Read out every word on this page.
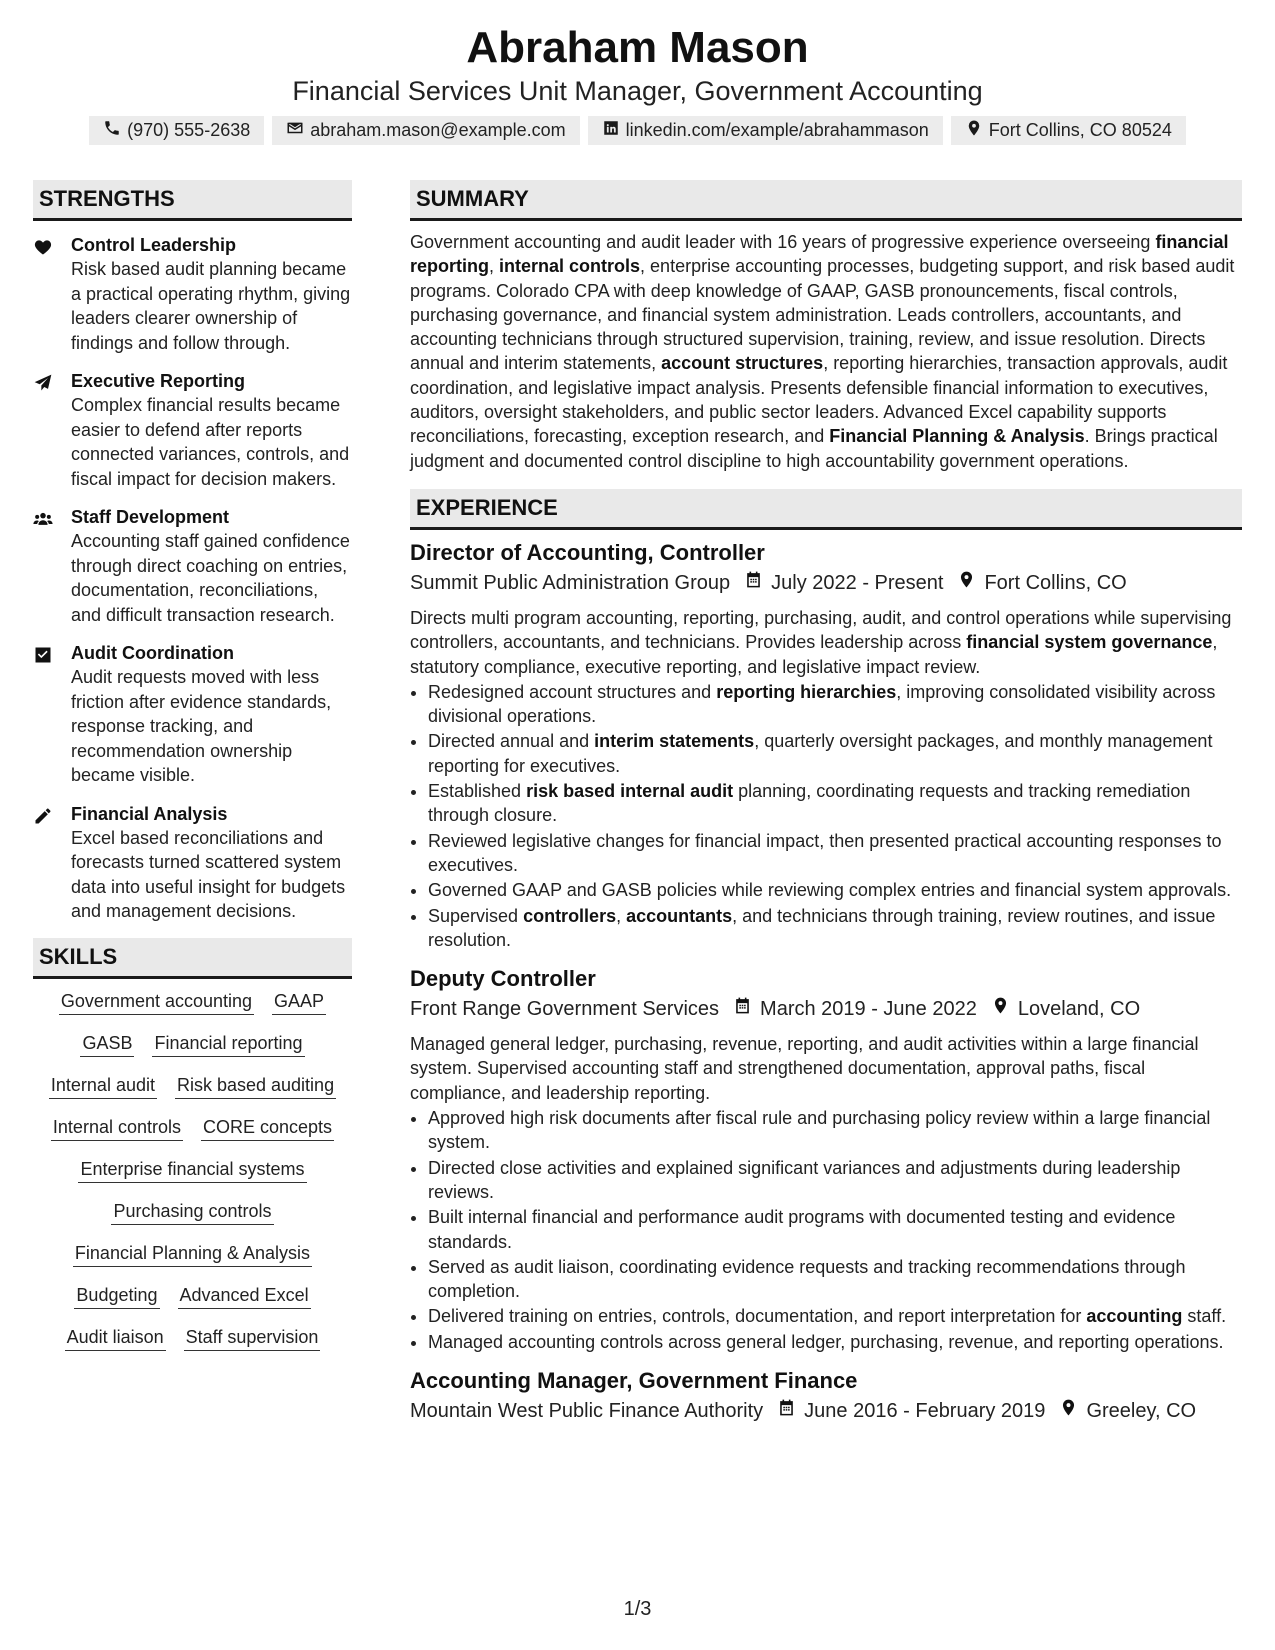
Abraham Mason
Financial Services Unit Manager, Government Accounting
(970) 555-2638	abraham.mason@example.com	linkedin.com/example/abrahammason	Fort Collins, CO 80524
STRENGTHS
Control Leadership
Risk based audit planning became a practical operating rhythm, giving leaders clearer ownership of findings and follow through.
Executive Reporting
Complex financial results became easier to defend after reports connected variances, controls, and fiscal impact for decision makers.
Staff Development
Accounting staff gained confidence through direct coaching on entries, documentation, reconciliations, and difficult transaction research.
Audit Coordination
Audit requests moved with less friction after evidence standards, response tracking, and recommendation ownership became visible.
Financial Analysis
Excel based reconciliations and forecasts turned scattered system data into useful insight for budgets and management decisions.
SKILLS
Government accounting GAAP
GASB Financial reporting
Internal audit Risk based auditing
Internal controls CORE concepts
Enterprise financial systems
Purchasing controls
Financial Planning & Analysis
Budgeting Advanced Excel
Audit liaison Staff supervision
SUMMARY
Government accounting and audit leader with 16 years of progressive experience overseeing financial reporting, internal controls, enterprise accounting processes, budgeting support, and risk based audit programs. Colorado CPA with deep knowledge of GAAP, GASB pronouncements, fiscal controls, purchasing governance, and financial system administration. Leads controllers, accountants, and accounting technicians through structured supervision, training, review, and issue resolution. Directs annual and interim statements, account structures, reporting hierarchies, transaction approvals, audit coordination, and legislative impact analysis. Presents defensible financial information to executives, auditors, oversight stakeholders, and public sector leaders. Advanced Excel capability supports reconciliations, forecasting, exception research, and Financial Planning & Analysis. Brings practical judgment and documented control discipline to high accountability government operations.
EXPERIENCE
Director of Accounting, Controller
Summit Public Administration Group July 2022 - Present Fort Collins, CO

Directs multi program accounting, reporting, purchasing, audit, and control operations while supervising controllers, accountants, and technicians. Provides leadership across financial system governance, statutory compliance, executive reporting, and legislative impact review.

• Redesigned account structures and reporting hierarchies, improving consolidated visibility across divisional operations.
• Directed annual and interim statements, quarterly oversight packages, and monthly management reporting for executives.
• Established risk based internal audit planning, coordinating requests and tracking remediation through closure.
• Reviewed legislative changes for financial impact, then presented practical accounting responses to executives.
• Governed GAAP and GASB policies while reviewing complex entries and financial system approvals.
• Supervised controllers, accountants, and technicians through training, review routines, and issue resolution.
Deputy Controller
Front Range Government Services March 2019 - June 2022 Loveland, CO

Managed general ledger, purchasing, revenue, reporting, and audit activities within a large financial system. Supervised accounting staff and strengthened documentation, approval paths, fiscal compliance, and leadership reporting.

• Approved high risk documents after fiscal rule and purchasing policy review within a large financial system.
• Directed close activities and explained significant variances and adjustments during leadership reviews.
• Built internal financial and performance audit programs with documented testing and evidence standards.
• Served as audit liaison, coordinating evidence requests and tracking recommendations through completion.
• Delivered training on entries, controls, documentation, and report interpretation for accounting staff.
• Managed accounting controls across general ledger, purchasing, revenue, and reporting operations.
Accounting Manager, Government Finance
Mountain West Public Finance Authority June 2016 - February 2019 Greeley, CO
1/3
